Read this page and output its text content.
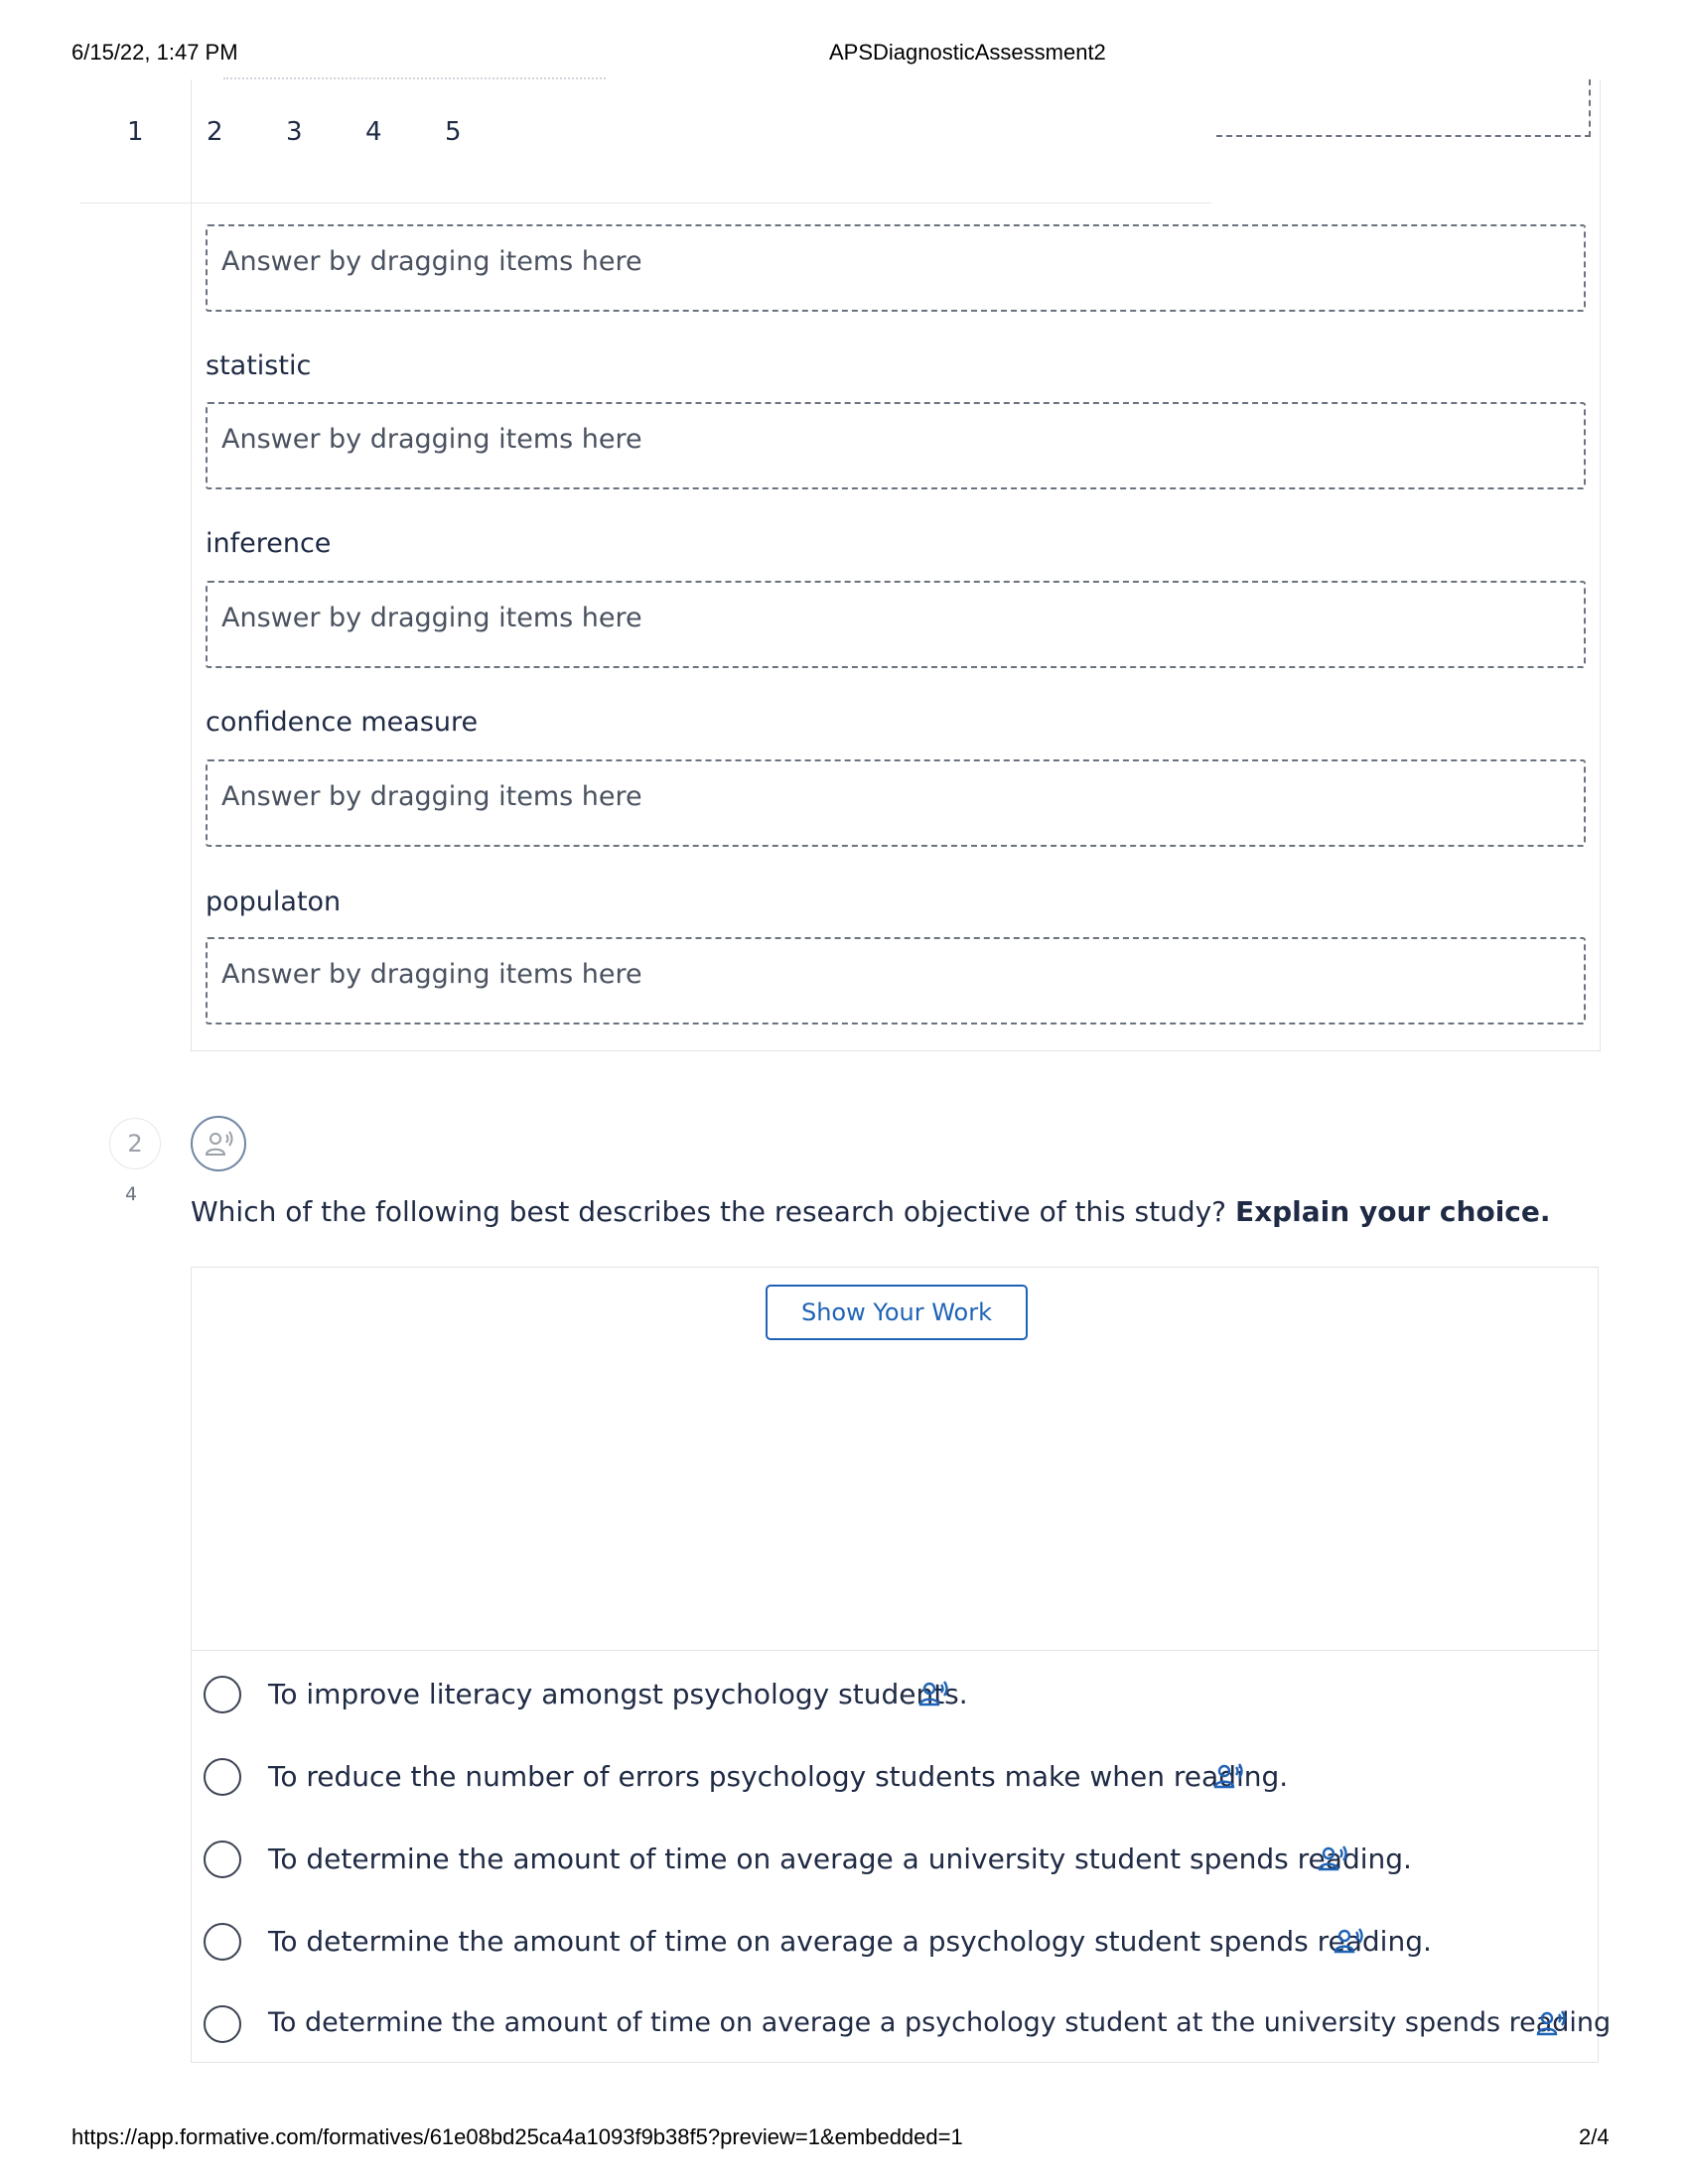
6/15/22, 1:47 PM	APSDiagnosticAssessment2
1 2 3 4 5
Answer by dragging items here
statistic
Answer by dragging items here
inference
Answer by dragging items here
confidence measure
Answer by dragging items here
populaton
Answer by dragging items here
2
4
Which of the following best describes the research objective of this study? Explain your choice.
Show Your Work
To improve literacy amongst psychology students.
To reduce the number of errors psychology students make when reading.
To determine the amount of time on average a university student spends reading.
To determine the amount of time on average a psychology student spends reading.
To determine the amount of time on average a psychology student at the university spends reading
https://app.formative.com/formatives/61e08bd25ca4a1093f9b38f5?preview=1&embedded=1	2/4
